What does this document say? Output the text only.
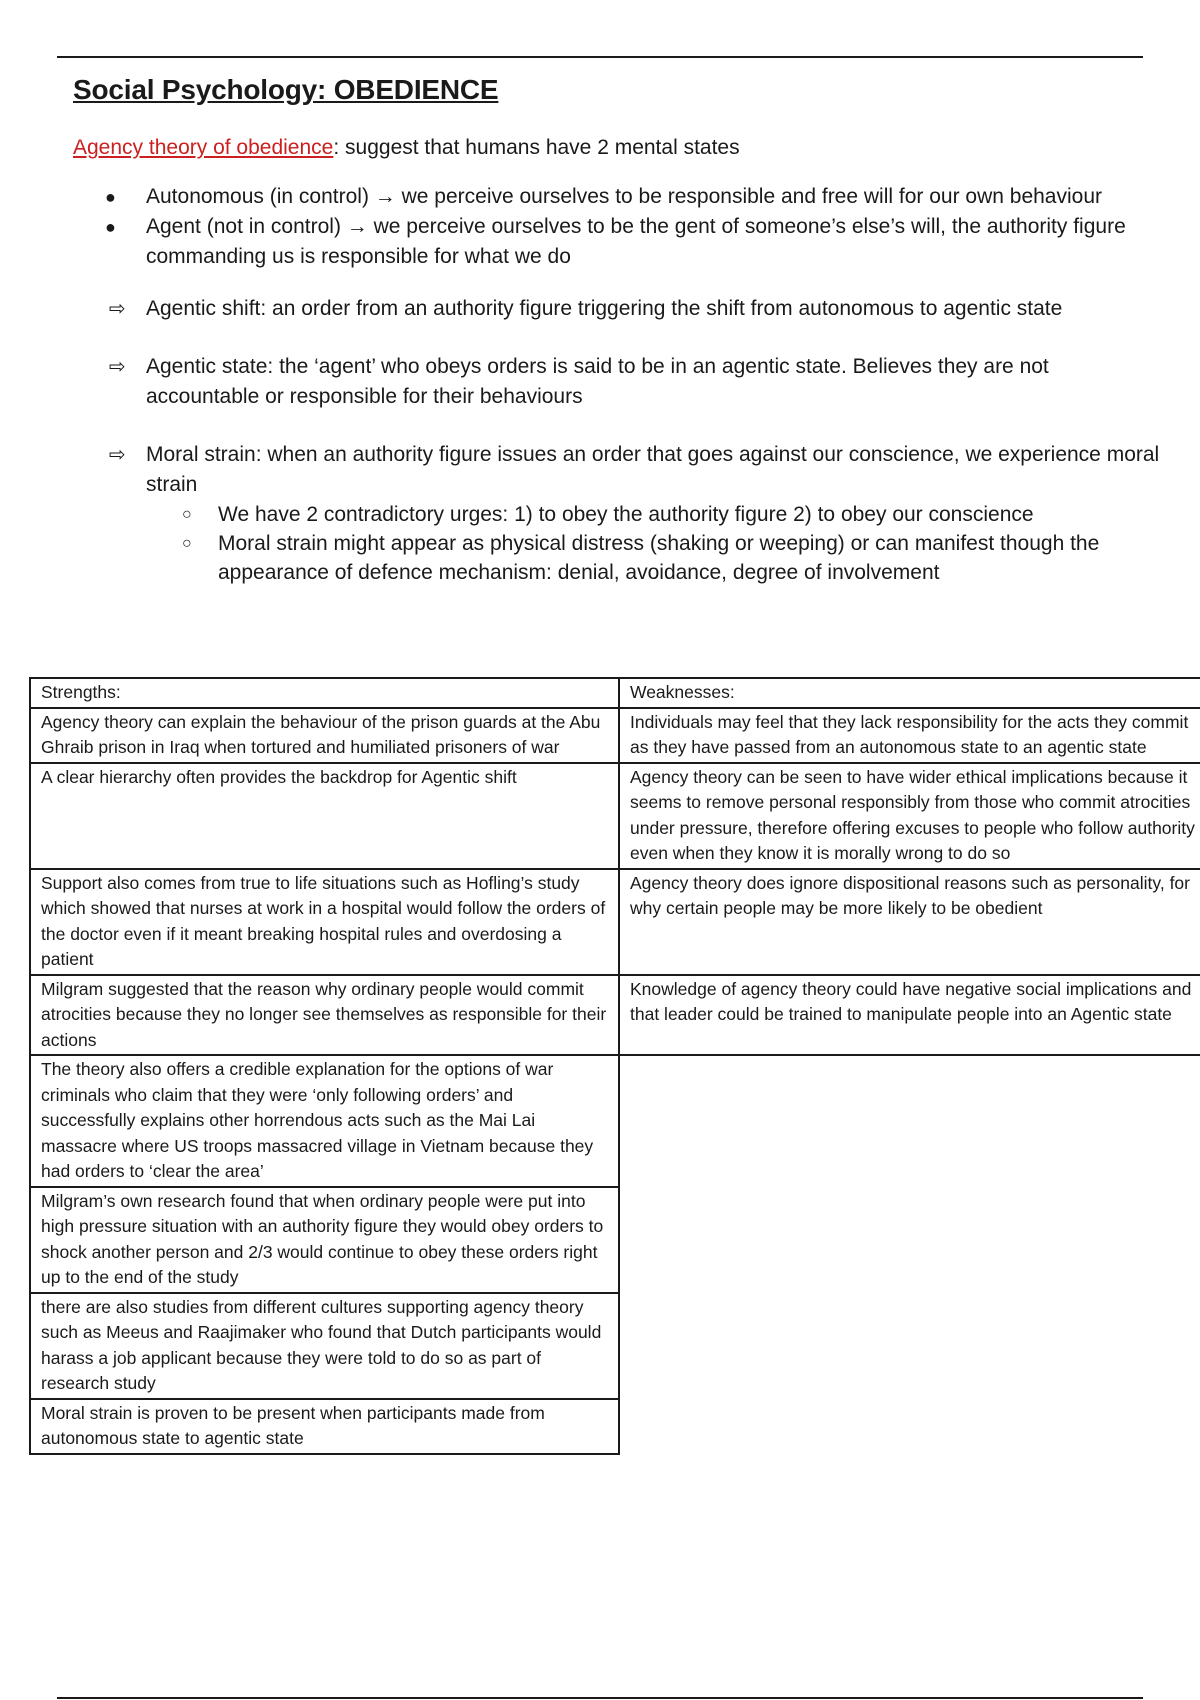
Social Psychology: OBEDIENCE
Agency theory of obedience: suggest that humans have 2 mental states
● Autonomous (in control) → we perceive ourselves to be responsible and free will for our own behaviour
● Agent (not in control) → we perceive ourselves to be the gent of someone’s else’s will, the authority figure commanding us is responsible for what we do
⇨ Agentic shift: an order from an authority figure triggering the shift from autonomous to agentic state
⇨ Agentic state: the ‘agent’ who obeys orders is said to be in an agentic state. Believes they are not accountable or responsible for their behaviours
⇨ Moral strain: when an authority figure issues an order that goes against our conscience, we experience moral strain
○ We have 2 contradictory urges: 1) to obey the authority figure 2) to obey our conscience
○ Moral strain might appear as physical distress (shaking or weeping) or can manifest though the appearance of defence mechanism: denial, avoidance, degree of involvement
Strengths:	Weaknesses:
Agency theory can explain the behaviour of the prison guards at the Abu Ghraib prison in Iraq when tortured and humiliated prisoners of war	Individuals may feel that they lack responsibility for the acts they commit as they have passed from an autonomous state to an agentic state
A clear hierarchy often provides the backdrop for Agentic shift	Agency theory can be seen to have wider ethical implications because it seems to remove personal responsibly from those who commit atrocities under pressure, therefore offering excuses to people who follow authority even when they know it is morally wrong to do so
Support also comes from true to life situations such as Hofling’s study which showed that nurses at work in a hospital would follow the orders of the doctor even if it meant breaking hospital rules and overdosing a patient	Agency theory does ignore dispositional reasons such as personality, for why certain people may be more likely to be obedient
Milgram suggested that the reason why ordinary people would commit atrocities because they no longer see themselves as responsible for their actions	Knowledge of agency theory could have negative social implications and that leader could be trained to manipulate people into an Agentic state
The theory also offers a credible explanation for the options of war criminals who claim that they were ‘only following orders’ and successfully explains other horrendous acts such as the Mai Lai massacre where US troops massacred village in Vietnam because they had orders to ‘clear the area’	
Milgram’s own research found that when ordinary people were put into high pressure situation with an authority figure they would obey orders to shock another person and 2/3 would continue to obey these orders right up to the end of the study	
there are also studies from different cultures supporting agency theory such as Meeus and Raajimaker who found that Dutch participants would harass a job applicant because they were told to do so as part of research study	
Moral strain is proven to be present when participants made from autonomous state to agentic state	
